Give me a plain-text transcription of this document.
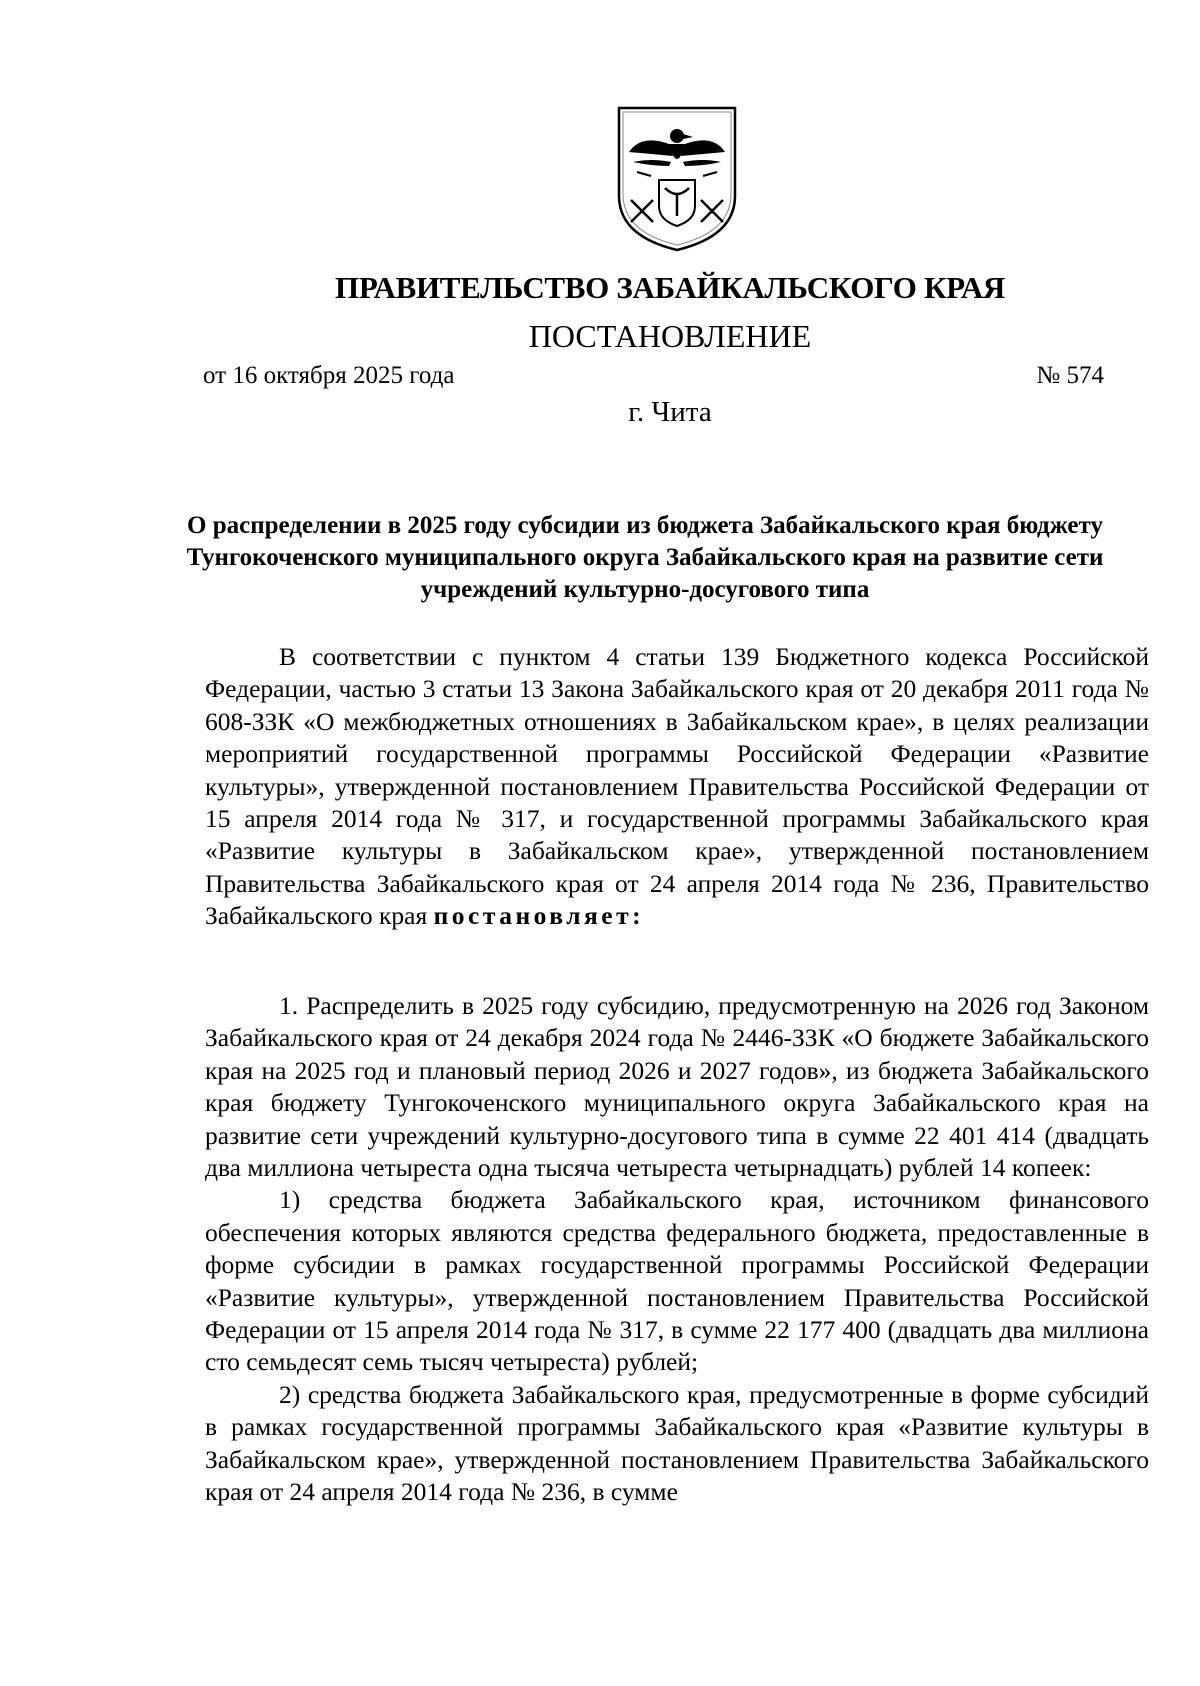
ПРАВИТЕЛЬСТВО ЗАБАЙКАЛЬСКОГО КРАЯ
ПОСТАНОВЛЕНИЕ
от 16 октября 2025 года	№ 574
г. Чита
О распределении в 2025 году субсидии из бюджета Забайкальского края бюджету Тунгокоченского муниципального округа Забайкальского края на развитие сети учреждений культурно-досугового типа

В соответствии с пунктом 4 статьи 139 Бюджетного кодекса Российской Федерации, частью 3 статьи 13 Закона Забайкальского края от 20 декабря 2011 года № 608-ЗЗК «О межбюджетных отношениях в Забайкальском крае», в целях реализации мероприятий государственной программы Российской Федерации «Развитие культуры», утвержденной постановлением Правительства Российской Федерации от 15 апреля 2014 года № 317, и государственной программы Забайкальского края «Развитие культуры в Забайкальском крае», утвержденной постановлением Правительства Забайкальского края от 24 апреля 2014 года № 236, Правительство Забайкальского края постановляет:

1. Распределить в 2025 году субсидию, предусмотренную на 2026 год Законом Забайкальского края от 24 декабря 2024 года № 2446-ЗЗК «О бюджете Забайкальского края на 2025 год и плановый период 2026 и 2027 годов», из бюджета Забайкальского края бюджету Тунгокоченского муниципального округа Забайкальского края на развитие сети учреждений культурно-досугового типа в сумме 22 401 414 (двадцать два миллиона четыреста одна тысяча четыреста четырнадцать) рублей 14 копеек:

1) средства бюджета Забайкальского края, источником финансового обеспечения которых являются средства федерального бюджета, предоставленные в форме субсидии в рамках государственной программы Российской Федерации «Развитие культуры», утвержденной постановлением Правительства Российской Федерации от 15 апреля 2014 года № 317, в сумме 22 177 400 (двадцать два миллиона сто семьдесят семь тысяч четыреста) рублей;

2) средства бюджета Забайкальского края, предусмотренные в форме субсидий в рамках государственной программы Забайкальского края «Развитие культуры в Забайкальском крае», утвержденной постановлением Правительства Забайкальского края от 24 апреля 2014 года № 236, в сумме
